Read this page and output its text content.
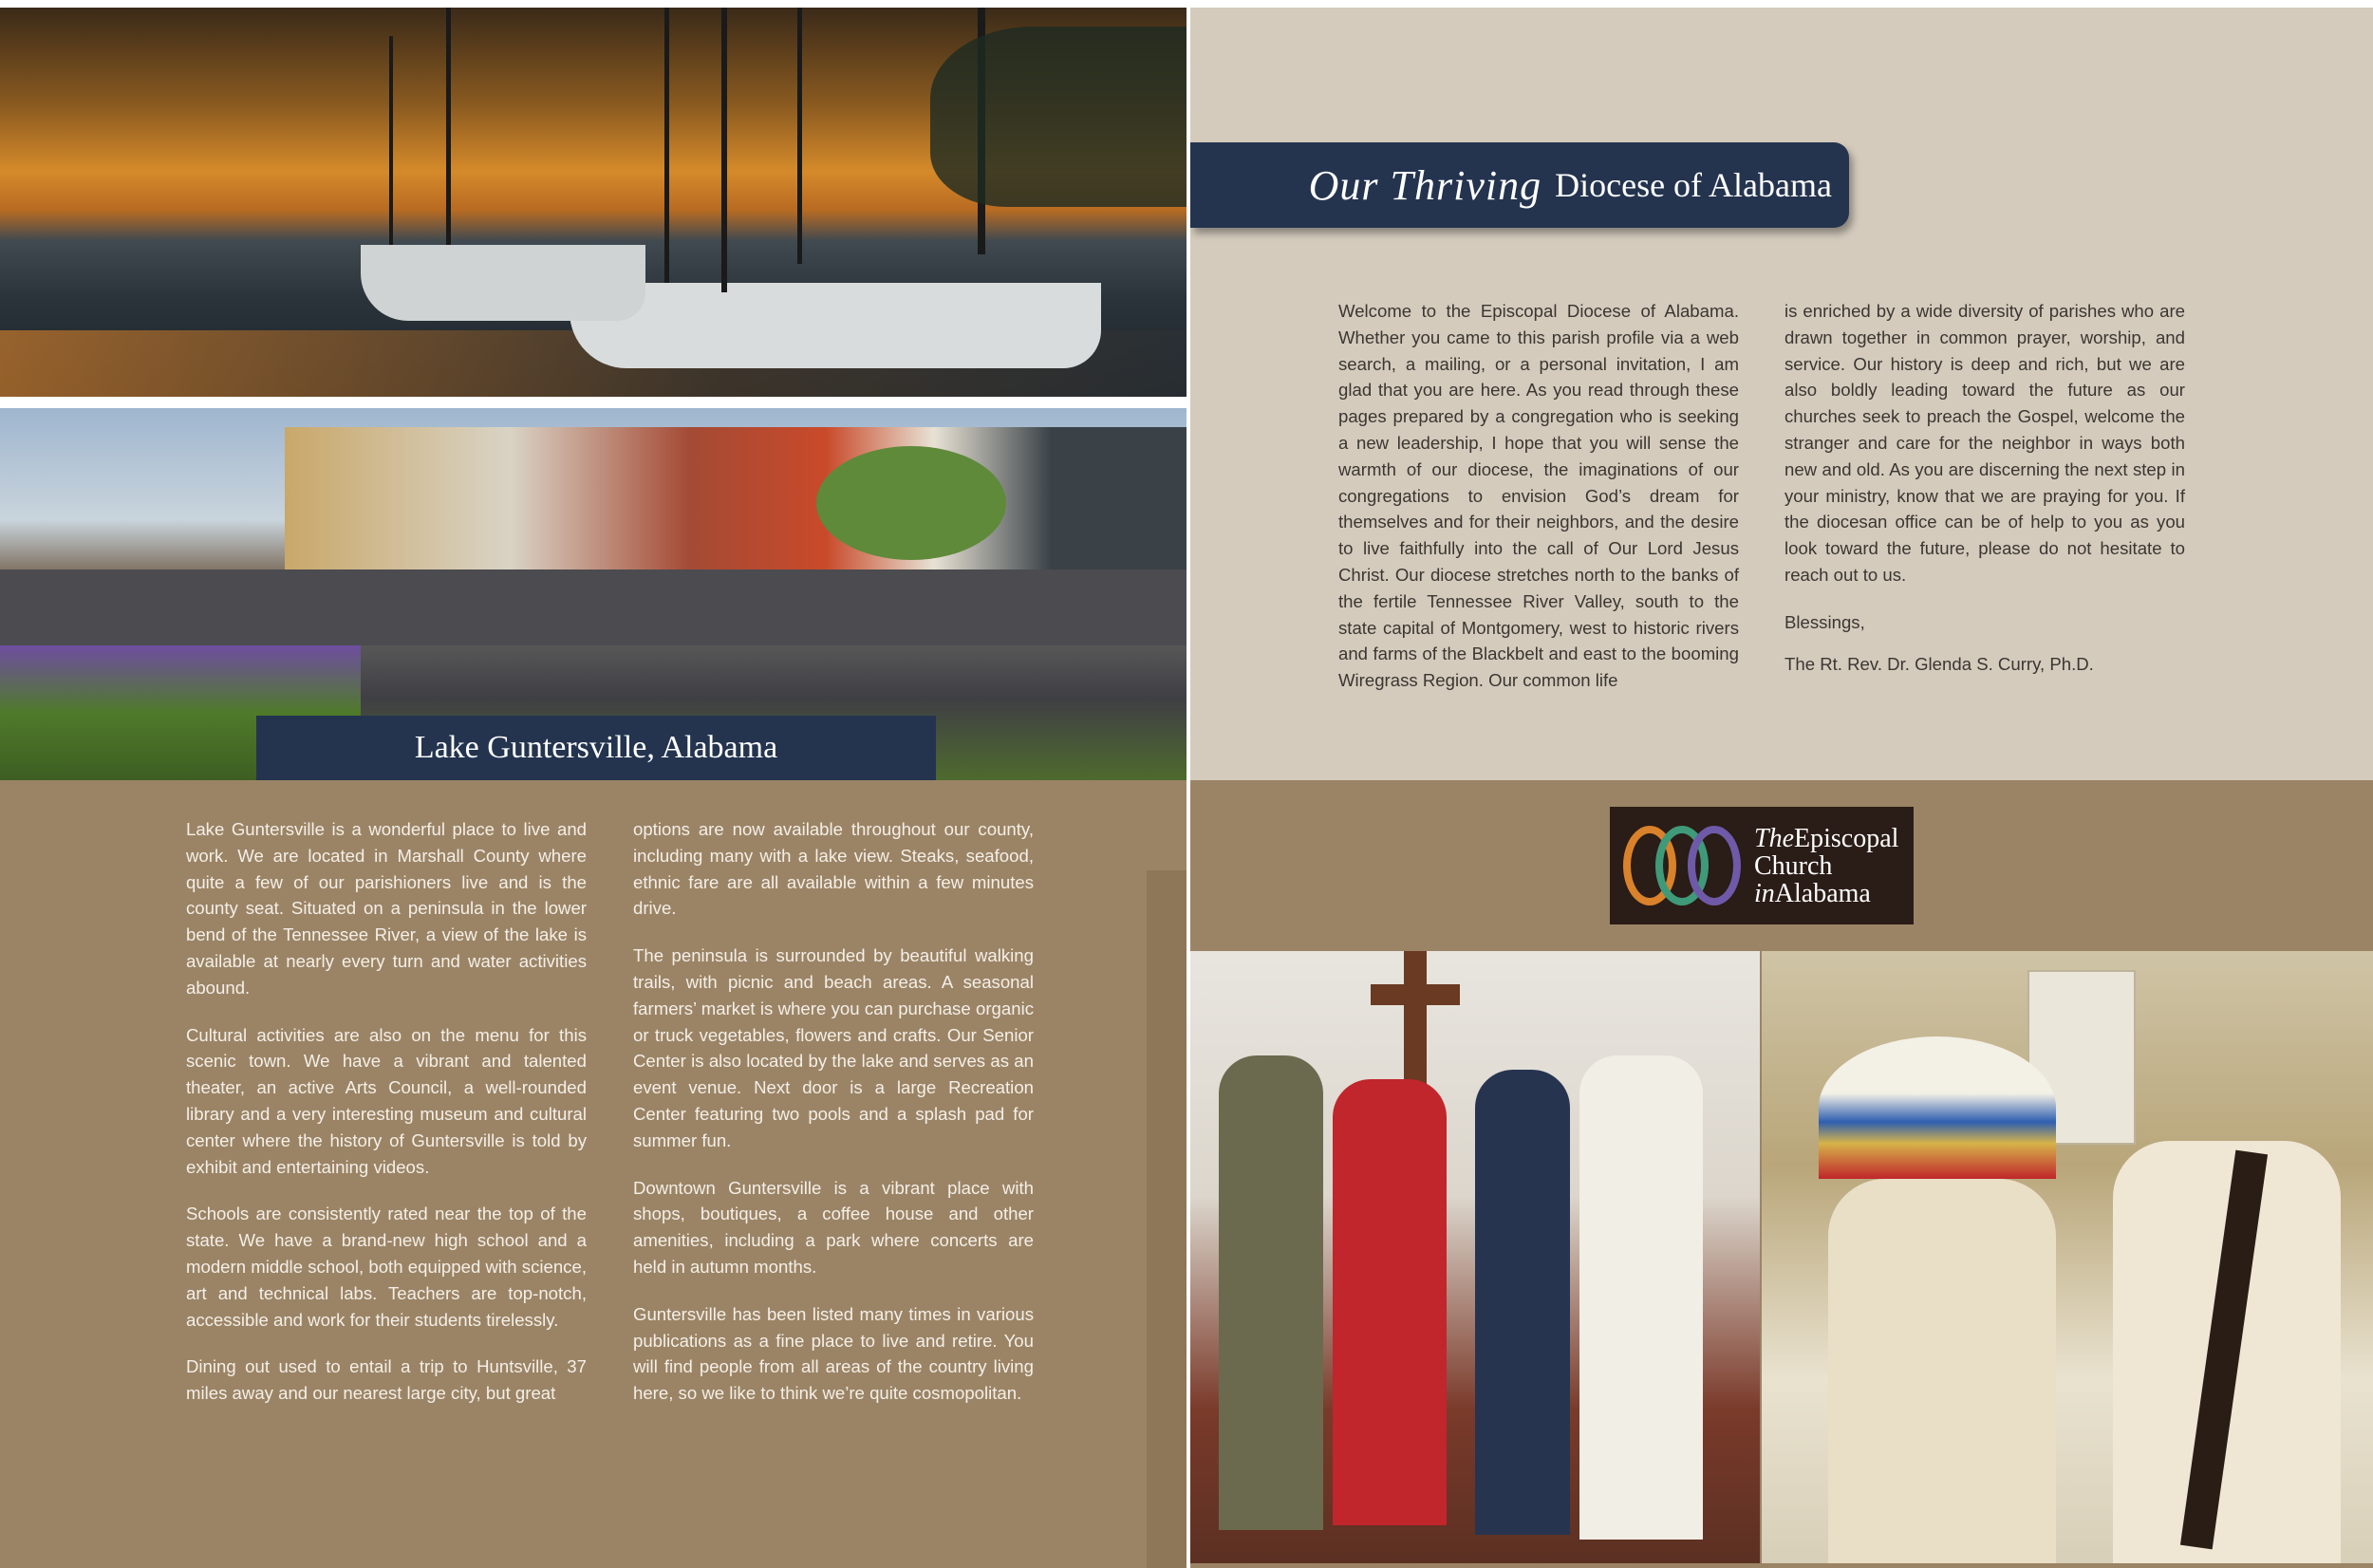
Lake Guntersville, Alabama

Lake Guntersville is a wonderful place to live and work. We are located in Marshall County where quite a few of our parishioners live and is the county seat. Situated on a peninsula in the lower bend of the Tennessee River, a view of the lake is available at nearly every turn and water activities abound.

Cultural activities are also on the menu for this scenic town. We have a vibrant and talented theater, an active Arts Council, a well-rounded library and a very interesting museum and cultural center where the history of Guntersville is told by exhibit and entertaining videos.

Schools are consistently rated near the top of the state. We have a brand-new high school and a modern middle school, both equipped with science, art and technical labs. Teachers are top-notch, accessible and work for their students tirelessly.

Dining out used to entail a trip to Huntsville, 37 miles away and our nearest large city, but great

options are now available throughout our county, including many with a lake view. Steaks, seafood, ethnic fare are all available within a few minutes drive.

The peninsula is surrounded by beautiful walking trails, with picnic and beach areas. A seasonal farmers’ market is where you can purchase organic or truck vegetables, flowers and crafts. Our Senior Center is also located by the lake and serves as an event venue. Next door is a large Recreation Center featuring two pools and a splash pad for summer fun.

Downtown Guntersville is a vibrant place with shops, boutiques, a coffee house and other amenities, including a park where concerts are held in autumn months.

Guntersville has been listed many times in various publications as a fine place to live and retire. You will find people from all areas of the country living here, so we like to think we’re quite cosmopolitan.

Our Thriving Diocese of Alabama

Welcome to the Episcopal Diocese of Alabama. Whether you came to this parish profile via a web search, a mailing, or a personal invitation, I am glad that you are here. As you read through these pages prepared by a congregation who is seeking a new leadership, I hope that you will sense the warmth of our diocese, the imaginations of our congregations to envision God’s dream for themselves and for their neighbors, and the desire to live faithfully into the call of Our Lord Jesus Christ. Our diocese stretches north to the banks of the fertile Tennessee River Valley, south to the state capital of Montgomery, west to historic rivers and farms of the Blackbelt and east to the booming Wiregrass Region. Our common life

is enriched by a wide diversity of parishes who are drawn together in common prayer, worship, and service. Our history is deep and rich, but we are also boldly leading toward the future as our churches seek to preach the Gospel, welcome the stranger and care for the neighbor in ways both new and old. As you are discerning the next step in your ministry, know that we are praying for you. If the diocesan office can be of help to you as you look toward the future, please do not hesitate to reach out to us.

Blessings,

The Rt. Rev. Dr. Glenda S. Curry, Ph.D.

TheEpiscopal
Church
inAlabama
